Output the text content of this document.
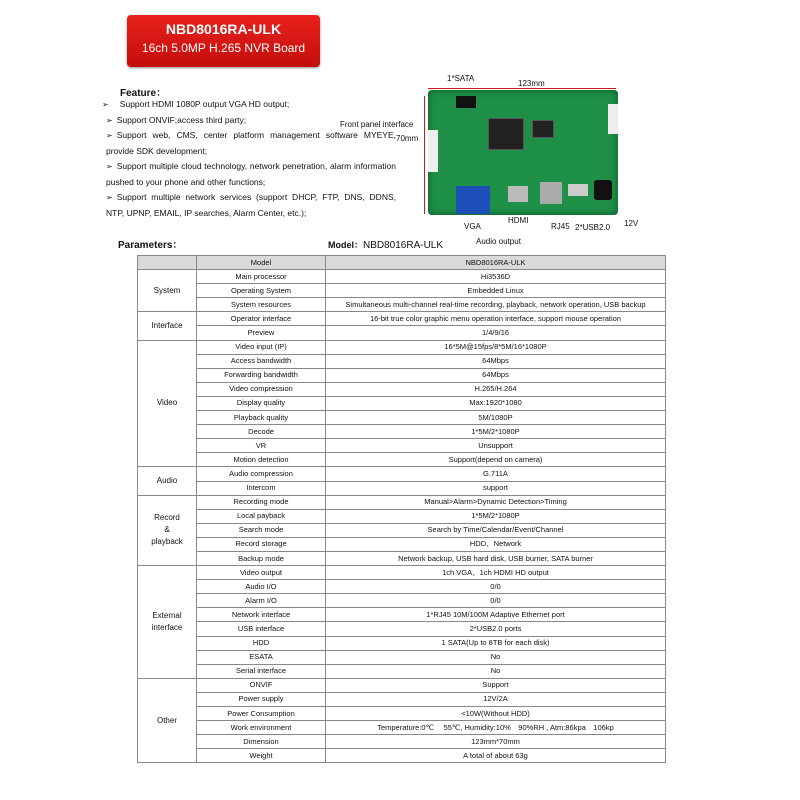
NBD8016RA-ULK
16ch 5.0MP H.265 NVR Board
Feature：

➢ Support HDMI 1080P output VGA HD output;

➢ Support ONVIF;access third party;

➢ Support web, CMS, center platform management software MYEYE, provide SDK development;

➢ Support multiple cloud technology, network penetration, alarm information pushed to your phone and other functions;

➢ Support multiple network services (support DHCP, FTP, DNS, DDNS, NTP, UPNP, EMAIL, IP searches, Alarm Center, etc.);

1*SATA
123mm
Front panel interface
70mm
VGA
HDMI
RJ45 2*USB2.0 12V
Audio output
Parameters：	Model：NBD8016RA-ULK
	Model	NBD8016RA-ULK
System	Main processor	Hi3536D
	Operating System	Embedded Linux
	System resources	Simultaneous multi-channel real-time recording, playback, network operation, USB backup
Interface	Operator interface	16-bit true color graphic menu operation interface, support mouse operation
	Preview	1/4/9/16
Video	Video input (IP)	16*5M@15fps/8*5M/16*1080P
	Access bandwidth	64Mbps
	Forwarding bandwidth	64Mbps
	Video compression	H.265/H.264
	Display quality	Max:1920*1080
	Playback quality	5M/1080P
	Decode	1*5M/2*1080P
	VR	Unsupport
	Motion detection	Support(depend on camera)
Audio	Audio compression	G.711A
	Intercom	support
Record
&
playback	Recording mode	Manual>Alarm>Dynamic Detection>Timing
	Local payback	1*5M/2*1080P
	Search mode	Search by Time/Calendar/Event/Channel
	Record storage	HDD、Network
	Backup mode	Network backup, USB hard disk, USB burner, SATA burner
External
interface	Video output	1ch VGA、1ch HDMI HD output
	Audio I/O	0/0
	Alarm I/O	0/0
	Network interface	1*RJ45 10M/100M Adaptive Ethernet port
	USB interface	2*USB2.0 ports
	HDD	1 SATA(Up to 8TB for each disk)
	ESATA	No
	Serial interface	No
Other	ONVIF	Support
	Power supply	12V/2A
	Power Consumption	<10W(Without HDD)
	Work environment	Temperature:0℃ 　55℃, Humidity:10%　90%RH , Atm:86kpa　106kp
	Dimension	123mm*70mm
	Weight	A total of about 63g
